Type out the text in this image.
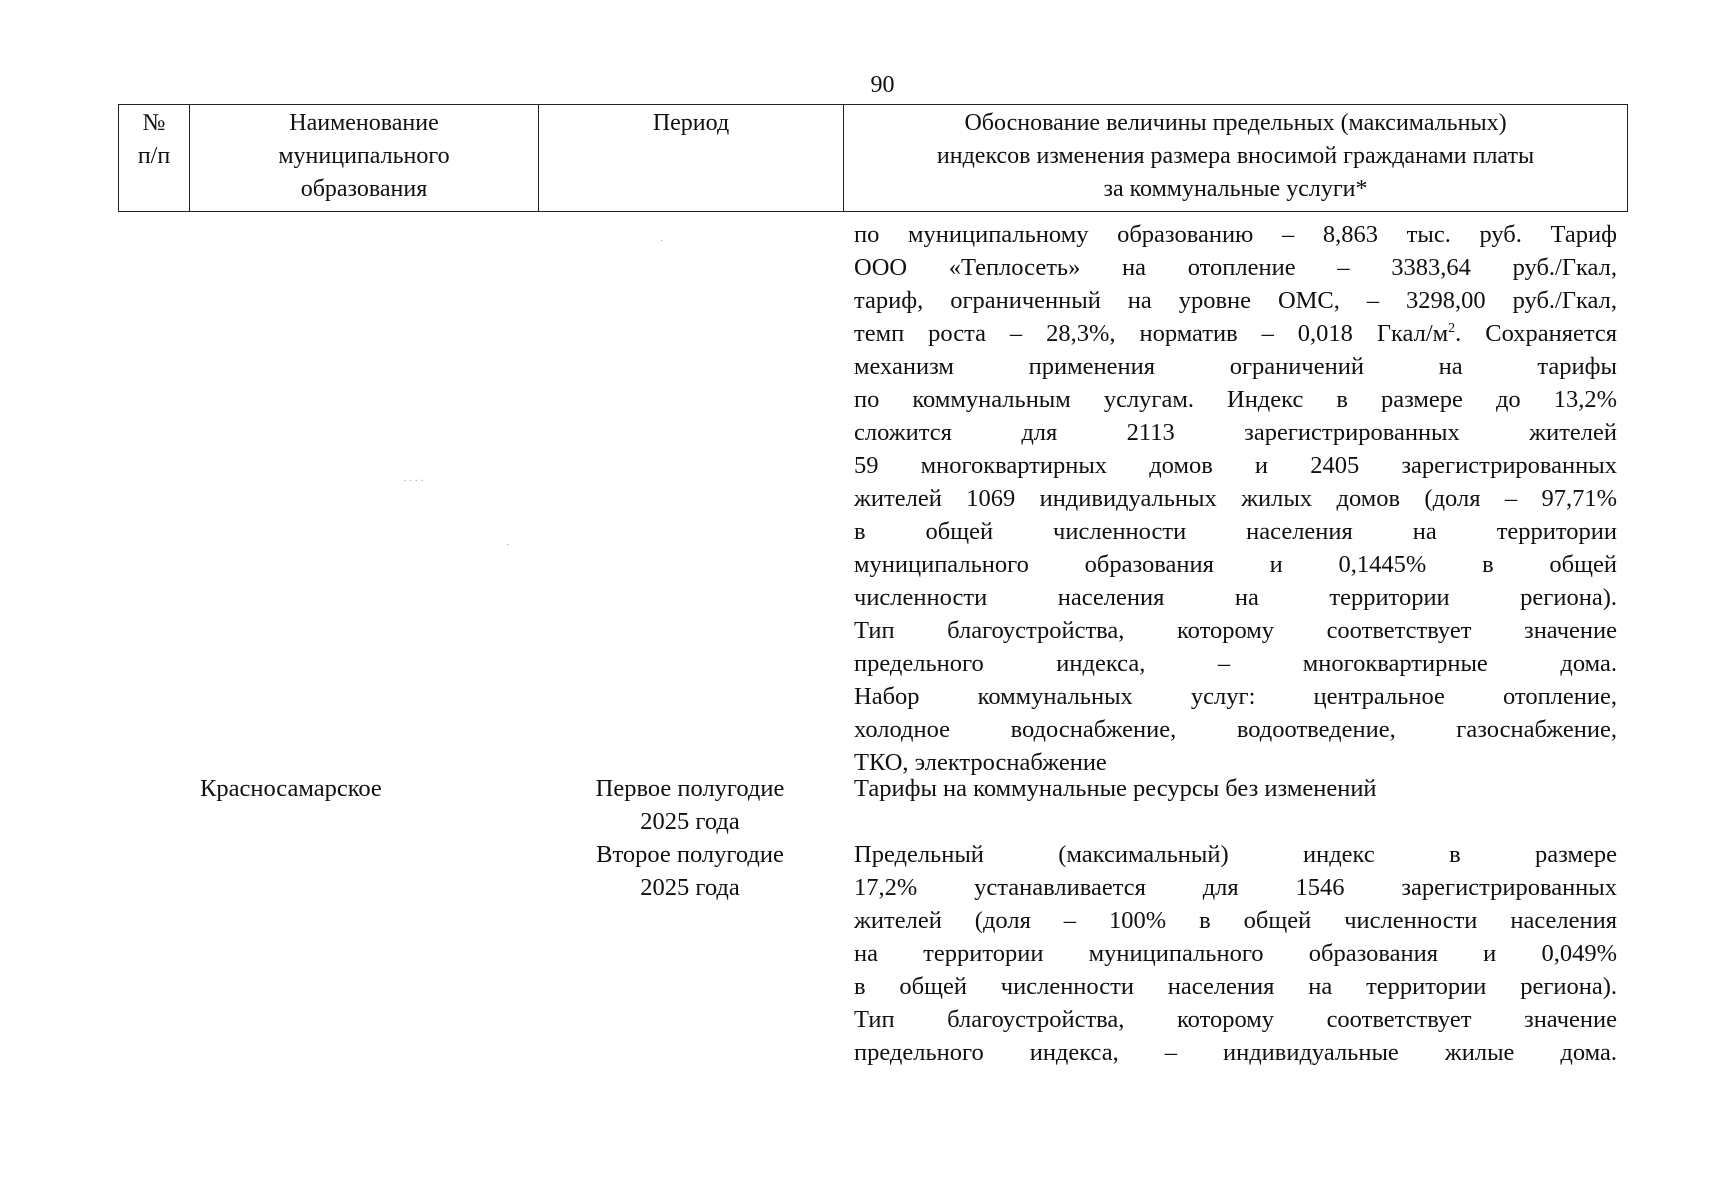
90
№
п/п
Наименование
муниципального
образования
Период	Обоснование величины предельных (максимальных)
индексов изменения размера вносимой гражданами платы
за коммунальные услуги*
по муниципальному образованию – 8,863 тыс. руб. Тариф
ООО «Теплосеть» на отопление – 3383,64 руб./Гкал,
тариф, ограниченный на уровне ОМС, – 3298,00 руб./Гкал,
темп роста – 28,3%, норматив – 0,018 Гкал/$м^2$. Сохраняется
механизм применения ограничений на тарифы
по коммунальным услугам. Индекс в размере до 13,2%
сложится для 2113 зарегистрированных жителей
59 многоквартирных домов и 2405 зарегистрированных
жителей 1069 индивидуальных жилых домов (доля – 97,71%
в общей численности населения на территории
муниципального образования и 0,1445% в общей
численности населения на территории региона).
Тип благоустройства, которому соответствует значение
предельного индекса, – многоквартирные дома.
Набор коммунальных услуг: центральное отопление,
холодное водоснабжение, водоотведение, газоснабжение,
ТКО, электроснабжение
Красносамарское	Первое полугодие
2025 года
Тарифы на коммунальные ресурсы без изменений
Второе полугодие
2025 года
Предельный (максимальный) индекс в размере
17,2% устанавливается для 1546 зарегистрированных
жителей (доля – 100% в общей численности населения
на территории муниципального образования и 0,049%
в общей численности населения на территории региона).
Тип благоустройства, которому соответствует значение
предельного индекса, – индивидуальные жилые дома.
· · · ·
·
·
